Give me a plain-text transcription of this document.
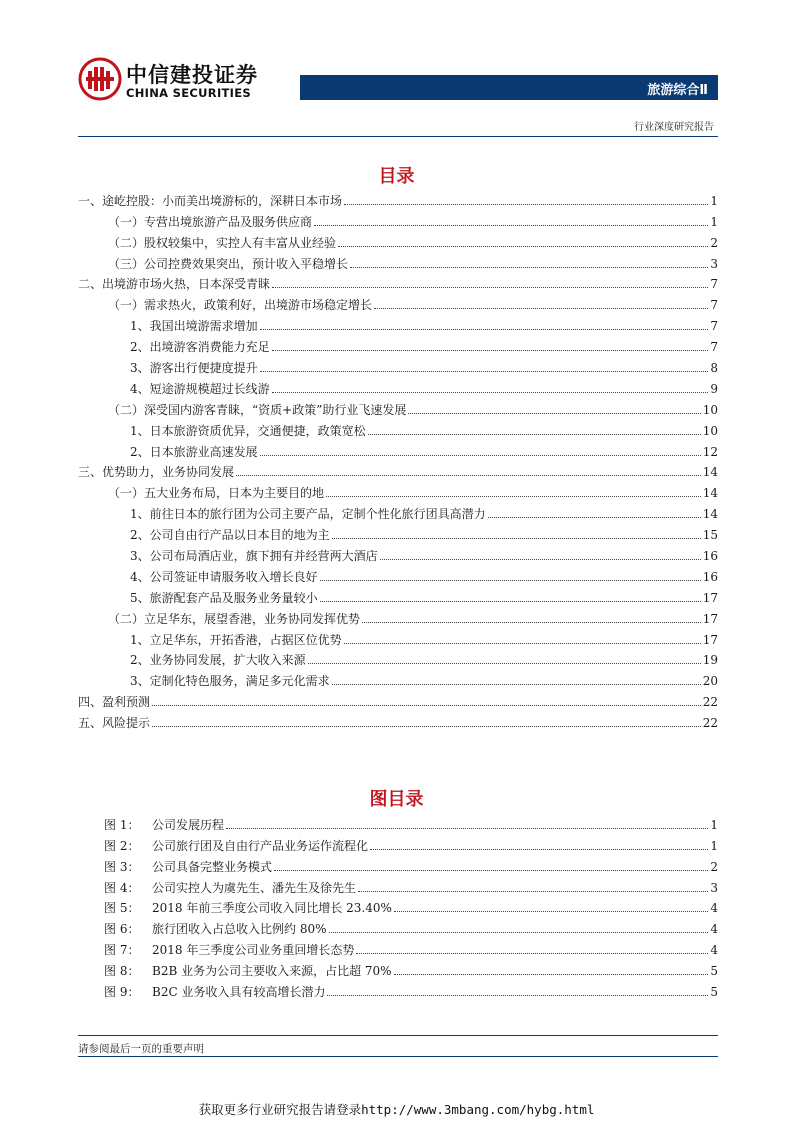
中信建投证券
CHINA SECURITIES	旅游综合Ⅱ
行业深度研究报告
目录
一、途屹控股：小而美出境游标的，深耕日本市场	1
（一）专营出境旅游产品及服务供应商	1
（二）股权较集中，实控人有丰富从业经验	2
（三）公司控费效果突出，预计收入平稳增长	3
二、出境游市场火热，日本深受青睐	7
（一）需求热火，政策利好，出境游市场稳定增长	7
1、我国出境游需求增加	7
2、出境游客消费能力充足	7
3、游客出行便捷度提升	8
4、短途游规模超过长线游	9
（二）深受国内游客青睐，“资质+政策”助行业飞速发展	10
1、日本旅游资质优异，交通便捷，政策宽松	10
2、日本旅游业高速发展	12
三、优势助力，业务协同发展	14
（一）五大业务布局，日本为主要目的地	14
1、前往日本的旅行团为公司主要产品，定制个性化旅行团具高潜力	14
2、公司自由行产品以日本目的地为主	15
3、公司布局酒店业，旗下拥有并经营两大酒店	16
4、公司签证申请服务收入增长良好	16
5、旅游配套产品及服务业务量较小	17
（二）立足华东，展望香港，业务协同发挥优势	17
1、立足华东，开拓香港，占据区位优势	17
2、业务协同发展，扩大收入来源	19
3、定制化特色服务，满足多元化需求	20
四、盈利预测	22
五、风险提示	22
图目录
图 1： 公司发展历程	1
图 2： 公司旅行团及自由行产品业务运作流程化	1
图 3： 公司具备完整业务模式	2
图 4： 公司实控人为虞先生、潘先生及徐先生	3
图 5： 2018 年前三季度公司收入同比增长 23.40%	4
图 6： 旅行团收入占总收入比例约 80%	4
图 7： 2018 年三季度公司业务重回增长态势	4
图 8： B2B 业务为公司主要收入来源，占比超 70%	5
图 9： B2C 业务收入具有较高增长潜力	5
请参阅最后一页的重要声明
获取更多行业研究报告请登录http://www.3mbang.com/hybg.html
